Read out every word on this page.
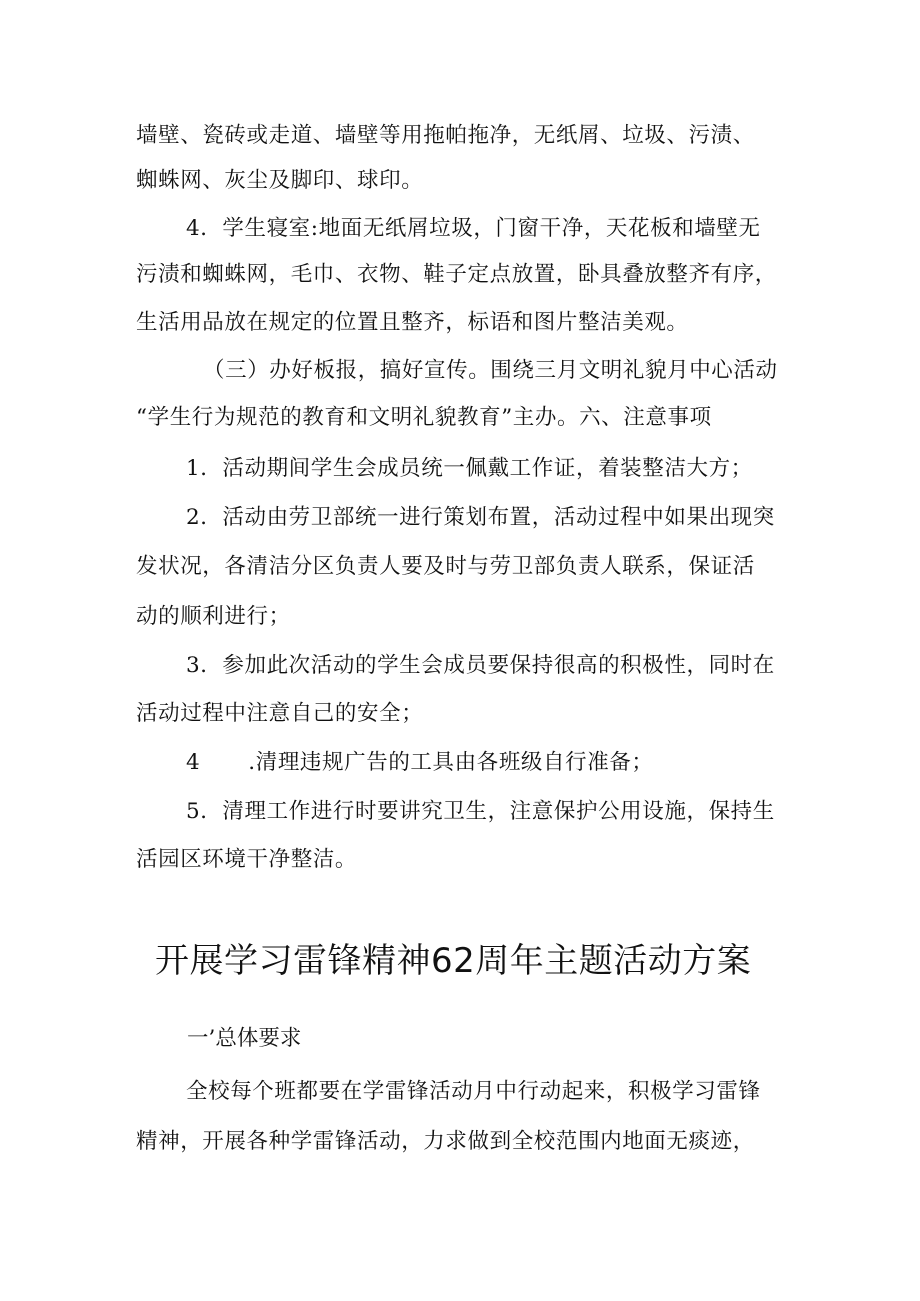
墙壁、瓷砖或走道、墙壁等用拖帕拖净，无纸屑、垃圾、污渍、
蜘蛛网、灰尘及脚印、球印。
4．学生寝室:地面无纸屑垃圾，门窗干净，天花板和墙壁无
污渍和蜘蛛网，毛巾、衣物、鞋子定点放置，卧具叠放整齐有序，
生活用品放在规定的位置且整齐，标语和图片整洁美观。
（三）办好板报，搞好宣传。围绕三月文明礼貌月中心活动
“学生行为规范的教育和文明礼貌教育”主办。六、注意事项
1．活动期间学生会成员统一佩戴工作证，着装整洁大方；
2．活动由劳卫部统一进行策划布置，活动过程中如果出现突
发状况，各清洁分区负责人要及时与劳卫部负责人联系，保证活
动的顺利进行；
3．参加此次活动的学生会成员要保持很高的积极性，同时在
活动过程中注意自己的安全；
4 .清理违规广告的工具由各班级自行准备；
5．清理工作进行时要讲究卫生，注意保护公用设施，保持生
活园区环境干净整洁。
开展学习雷锋精神62周年主题活动方案
一’总体要求
全校每个班都要在学雷锋活动月中行动起来，积极学习雷锋
精神，开展各种学雷锋活动，力求做到全校范围内地面无痰迹，
